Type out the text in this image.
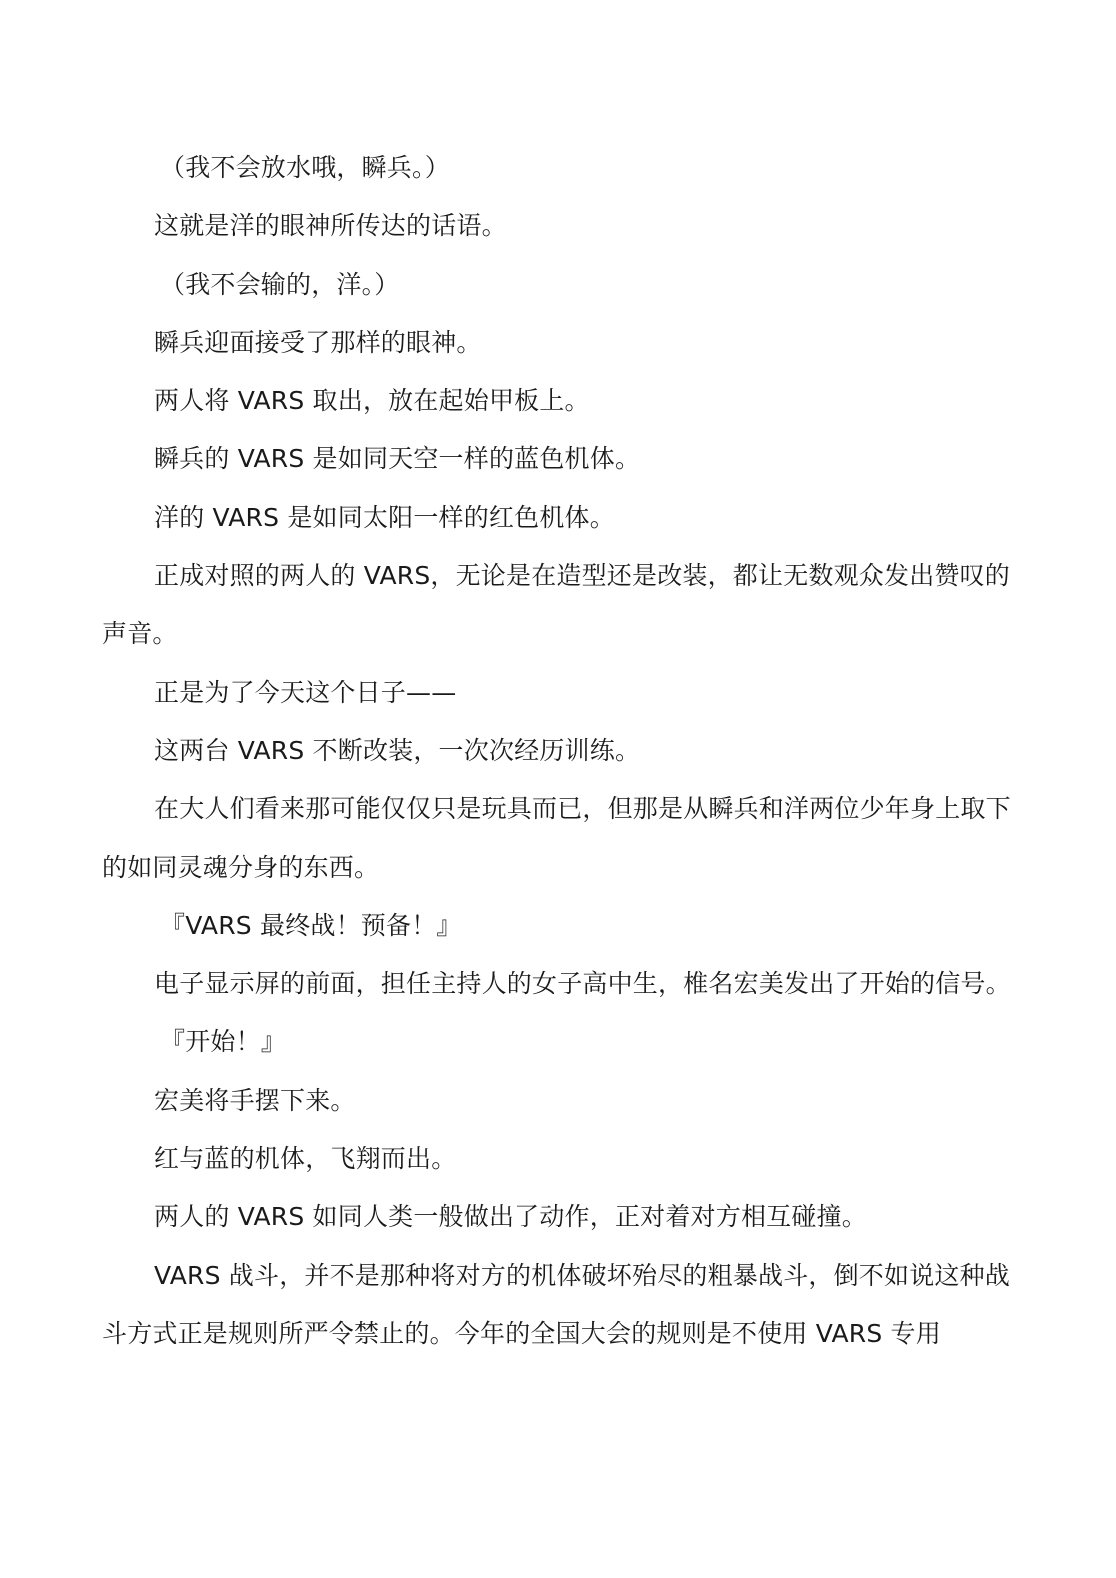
（我不会放水哦，瞬兵。）

这就是洋的眼神所传达的话语。

（我不会输的，洋。）

瞬兵迎面接受了那样的眼神。

两人将 VARS 取出，放在起始甲板上。

瞬兵的 VARS 是如同天空一样的蓝色机体。

洋的 VARS 是如同太阳一样的红色机体。

正成对照的两人的 VARS，无论是在造型还是改装，都让无数观众发出赞叹的声音。

正是为了今天这个日子——

这两台 VARS 不断改装，一次次经历训练。

在大人们看来那可能仅仅只是玩具而已，但那是从瞬兵和洋两位少年身上取下的如同灵魂分身的东西。

『VARS 最终战！预备！』

电子显示屏的前面，担任主持人的女子高中生，椎名宏美发出了开始的信号。

『开始！』

宏美将手摆下来。

红与蓝的机体，飞翔而出。

两人的 VARS 如同人类一般做出了动作，正对着对方相互碰撞。

VARS 战斗，并不是那种将对方的机体破坏殆尽的粗暴战斗，倒不如说这种战斗方式正是规则所严令禁止的。今年的全国大会的规则是不使用 VARS 专用
